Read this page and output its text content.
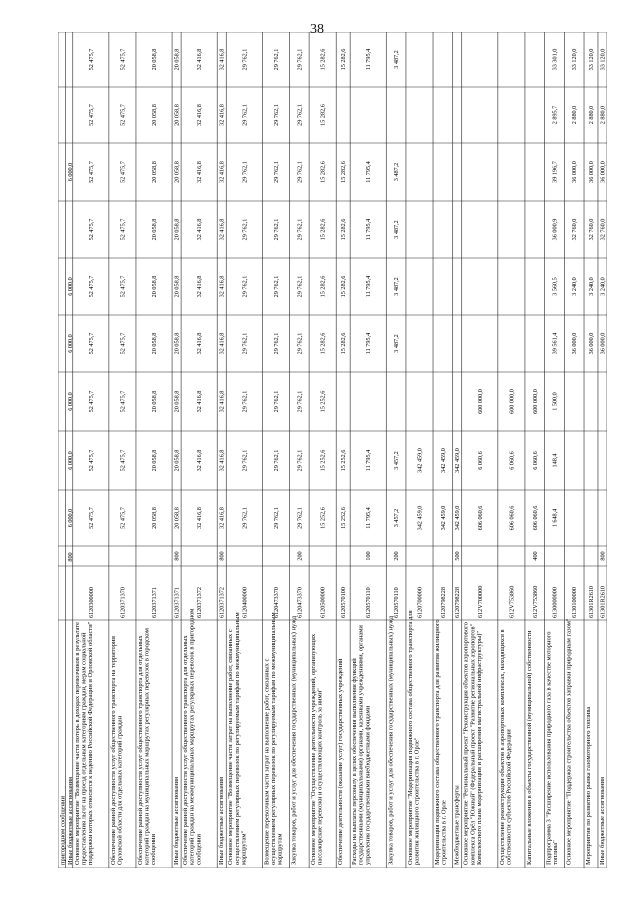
38
пригородном сообщении Иные бюджетные ассигнования
800
6 000,0
6 000,0
6 000,0
6 000,0
6 000,0
6 000,0
Основное мероприятие "Возмещение части потерь в доходах перевозчиков в результате предоставления льгот на проезд отдельным категориям граждан, мерам социальной поддержки которых относится к ведению Российской Федерации и Орловской области"
6120300000
52 475,7
52 475,7
52 475,7
52 475,7
52 475,7
52 475,7
52 475,7
52 475,7
52 475,7
Обеспечение равной доступности услуг общественного транспорта на территории Орловской области для отдельных категорий граждан
6120371370
52 475,7
52 475,7
52 475,7
52 475,7
52 475,7
52 475,7
52 475,7
52 475,7
52 475,7
Обеспечение равной доступности услуг общественного транспорта для отдельных категорий граждан на муниципальных маршрутах регулярных перевозок в городском сообщении
6120371371
20 058,8
20 058,8
20 058,8
20 058,8
20 058,8
20 058,8
20 058,8
20 058,8
20 058,8
Иные бюджетные ассигнования
6120371371
800
20 058,8
20 058,8
20 058,8
20 058,8
20 058,8
20 058,8
20 058,8
20 058,8
20 058,8
Обеспечение равной доступности услуг общественного транспорта для отдельных категорий граждан на межмуниципальных маршрутах регулярных перевозок в пригородном сообщении
6120371372
32 416,8
32 416,8
32 416,8
32 416,8
32 416,8
32 416,8
32 416,8
32 416,8
32 416,8
Иные бюджетные ассигнования
6120371372
800
32 416,8
32 416,8
32 416,8
32 416,8
32 416,8
32 416,8
32 416,8
32 416,8
32 416,8
Основное мероприятие "Возмещение части затрат на выполнение работ, связанных с осуществлением регулярных перевозок по регулируемым тарифам по межмуниципальным маршрутам"
6120400000
29 762,1
29 762,1
29 762,1
29 762,1
29 762,1
29 762,1
29 762,1
29 762,1
29 762,1
Возмещение перевозчикам части затрат на выполнение работ, связанных с осуществлением регулярных перевозок по регулируемым тарифам по межмуниципальным маршрутам
6120473370
29 762,1
29 762,1
29 762,1
29 762,1
29 762,1
29 762,1
29 762,1
29 762,1
29 762,1
Закупка товаров, работ и услуг для обеспечения государственных (муниципальных) нужд
6120473370
200
29 762,1
29 762,1
29 762,1
29 762,1
29 762,1
29 762,1
29 762,1
29 762,1
29 762,1
Основное мероприятие "Осуществление деятельности учреждений, организующих пассажирские перевозки и осуществляющих контроль за ними"
6120500000
15 252,6
15 252,6
15 252,6
15 282,6
15 282,6
15 282,6
15 282,6
15 282,6
15 282,6
Обеспечение деятельности (оказание услуг) государственных учреждений
6120570100
15 252,6
15 252,6
15 282,6
15 282,6
15 282,6
15 282,6
15 282,6
Расходы на выплаты персоналу в целях обеспечения выполнения функций государственными (муниципальными) органами, казенными учреждениями, органами управления государственными внебюджетными фондами
6120570110
100
11 795,4
11 795,4
11 795,4
11 795,4
11 795,4
11 795,4
11 795,4
Закупка товаров, работ и услуг для обеспечения государственных (муниципальных) нужд
6120570110
200
3 457,2
3 457,2
3 487,2
3 487,2
3 487,2
3 487,2
3 487,2
Основное мероприятие "Модернизация подвижного состава общественного транспорта для развития жилищного строительства в г. Орле"
6120700000
342 459,0
342 459,0
Модернизация подвижного состава общественного транспорта для развития жилищного строительства в г. Орле
6120798228
342 459,0
342 459,0
Межбюджетные трансферты
6120798228
500
342 459,0
342 459,0
Основное мероприятие "Региональный проект "Реконструкция объектов аэропортового комплекса Орёл "Южный" (Федеральный проект "Развитие региональных аэропортов" Комплексного плана модернизации и расширения магистральной инфраструктуры)"
612V700000
606 060,6
6 060,6
600 000,0
Осуществление реконструкции объектов в аэропортовых комплексах, находящихся в собственности субъектов Российской Федерации
612V753860
606 060,6
6 060,6
600 000,0
Капитальные вложения в объекты государственной (муниципальной) собственности
612V753860
400
606 060,6
6 060,6
600 000,0
Подпрограмма 3 "Расширение использования природного газа в качестве моторного топлива"
6130000000
1 648,4
148,4
1 500,0
39 561,4
3 560,5
36 000,9
39 196,7
2 895,7
33 301,0
Основное мероприятие "Поддержка строительства объектов заправки природным газом"
6130100000
36 000,0
3 240,0
32 760,0
36 000,0
2 880,0
33 120,0
Мероприятия по развитию рынка газомоторного топлива
61301R2610
36 000,0
3 240,0
32 760,0
36 000,0
2 880,0
33 120,0
Иные бюджетные ассигнования
61301R2610
800
36 000,0
3 240,0
32 760,0
36 000,0
2 880,0
33 120,0
